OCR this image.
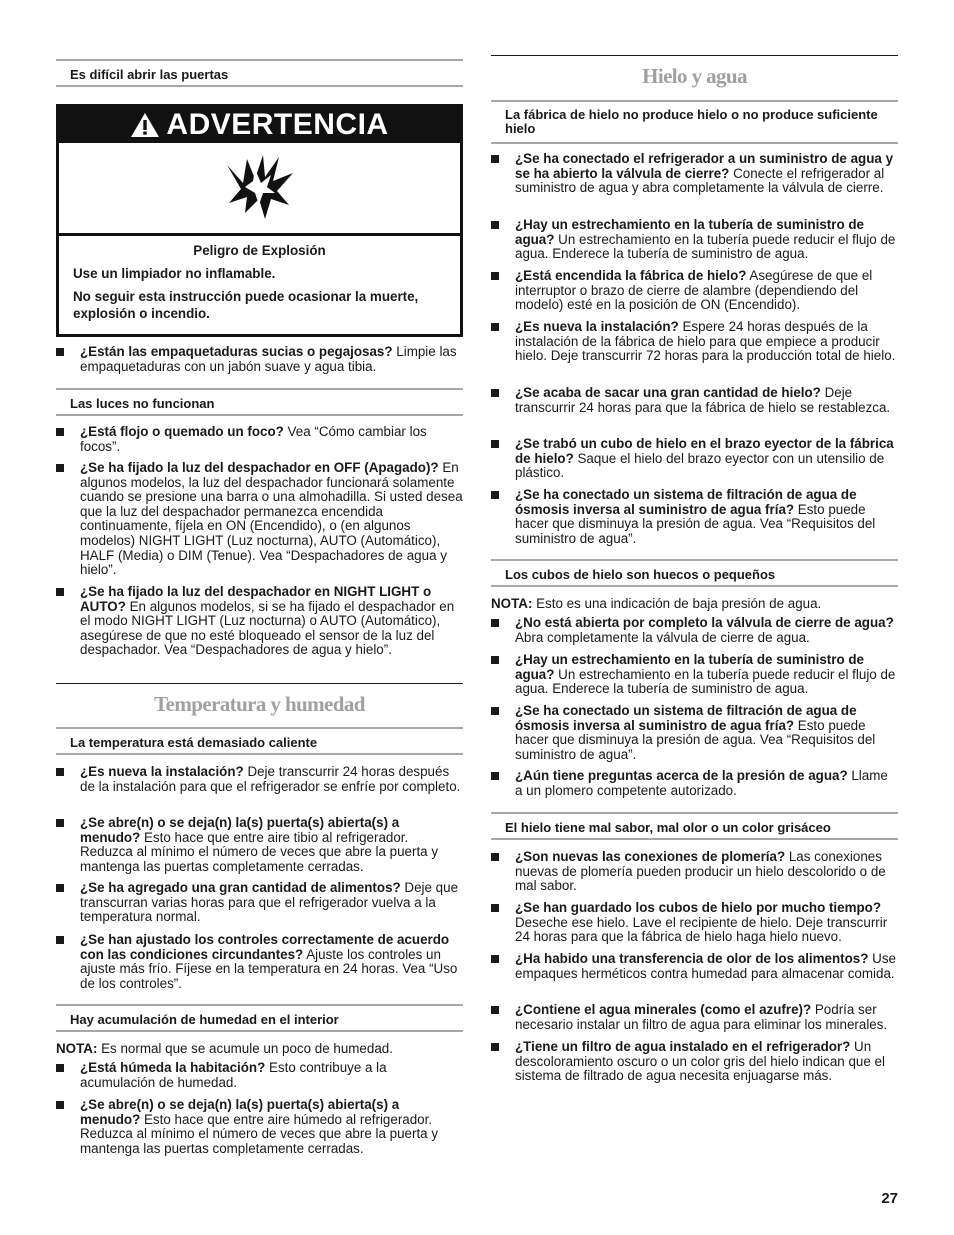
Es difícil abrir las puertas
ADVERTENCIA
Peligro de Explosión

Use un limpiador no inflamable.

No seguir esta instrucción puede ocasionar la muerte, explosión o incendio.

¿Están las empaquetaduras sucias o pegajosas? Limpie las empaquetaduras con un jabón suave y agua tibia.
Las luces no funcionan
¿Está flojo o quemado un foco? Vea “Cómo cambiar los focos”.
¿Se ha fijado la luz del despachador en OFF (Apagado)? En algunos modelos, la luz del despachador funcionará solamente cuando se presione una barra o una almohadilla. Si usted desea que la luz del despachador permanezca encendida continuamente, fíjela en ON (Encendido), o (en algunos modelos) NIGHT LIGHT (Luz nocturna), AUTO (Automático), HALF (Media) o DIM (Tenue). Vea “Despachadores de agua y hielo”.
¿Se ha fijado la luz del despachador en NIGHT LIGHT o AUTO? En algunos modelos, si se ha fijado el despachador en el modo NIGHT LIGHT (Luz nocturna) o AUTO (Automático), asegúrese de que no esté bloqueado el sensor de la luz del despachador. Vea “Despachadores de agua y hielo”.
Temperatura y humedad
La temperatura está demasiado caliente
¿Es nueva la instalación? Deje transcurrir 24 horas después de la instalación para que el refrigerador se enfríe por completo.
¿Se abre(n) o se deja(n) la(s) puerta(s) abierta(s) a menudo? Esto hace que entre aire tibio al refrigerador. Reduzca al mínimo el número de veces que abre la puerta y mantenga las puertas completamente cerradas.
¿Se ha agregado una gran cantidad de alimentos? Deje que transcurran varias horas para que el refrigerador vuelva a la temperatura normal.
¿Se han ajustado los controles correctamente de acuerdo con las condiciones circundantes? Ajuste los controles un ajuste más frío. Fíjese en la temperatura en 24 horas. Vea “Uso de los controles”.
Hay acumulación de humedad en el interior
NOTA: Es normal que se acumule un poco de humedad.
¿Está húmeda la habitación? Esto contribuye a la acumulación de humedad.
¿Se abre(n) o se deja(n) la(s) puerta(s) abierta(s) a menudo? Esto hace que entre aire húmedo al refrigerador. Reduzca al mínimo el número de veces que abre la puerta y mantenga las puertas completamente cerradas.
Hielo y agua
La fábrica de hielo no produce hielo o no produce suficiente hielo
¿Se ha conectado el refrigerador a un suministro de agua y se ha abierto la válvula de cierre? Conecte el refrigerador al suministro de agua y abra completamente la válvula de cierre.
¿Hay un estrechamiento en la tubería de suministro de agua? Un estrechamiento en la tubería puede reducir el flujo de agua. Enderece la tubería de suministro de agua.
¿Está encendida la fábrica de hielo? Asegúrese de que el interruptor o brazo de cierre de alambre (dependiendo del modelo) esté en la posición de ON (Encendido).
¿Es nueva la instalación? Espere 24 horas después de la instalación de la fábrica de hielo para que empiece a producir hielo. Deje transcurrir 72 horas para la producción total de hielo.
¿Se acaba de sacar una gran cantidad de hielo? Deje transcurrir 24 horas para que la fábrica de hielo se restablezca.
¿Se trabó un cubo de hielo en el brazo eyector de la fábrica de hielo? Saque el hielo del brazo eyector con un utensilio de plástico.
¿Se ha conectado un sistema de filtración de agua de ósmosis inversa al suministro de agua fría? Esto puede hacer que disminuya la presión de agua. Vea “Requisitos del suministro de agua”.
Los cubos de hielo son huecos o pequeños
NOTA: Esto es una indicación de baja presión de agua.
¿No está abierta por completo la válvula de cierre de agua? Abra completamente la válvula de cierre de agua.
¿Hay un estrechamiento en la tubería de suministro de agua? Un estrechamiento en la tubería puede reducir el flujo de agua. Enderece la tubería de suministro de agua.
¿Se ha conectado un sistema de filtración de agua de ósmosis inversa al suministro de agua fría? Esto puede hacer que disminuya la presión de agua. Vea “Requisitos del suministro de agua”.
¿Aún tiene preguntas acerca de la presión de agua? Llame a un plomero competente autorizado.
El hielo tiene mal sabor, mal olor o un color grisáceo
¿Son nuevas las conexiones de plomería? Las conexiones nuevas de plomería pueden producir un hielo descolorido o de mal sabor.
¿Se han guardado los cubos de hielo por mucho tiempo? Deseche ese hielo. Lave el recipiente de hielo. Deje transcurrir 24 horas para que la fábrica de hielo haga hielo nuevo.
¿Ha habido una transferencia de olor de los alimentos? Use empaques herméticos contra humedad para almacenar comida.
¿Contiene el agua minerales (como el azufre)? Podría ser necesario instalar un filtro de agua para eliminar los minerales.
¿Tiene un filtro de agua instalado en el refrigerador? Un descoloramiento oscuro o un color gris del hielo indican que el sistema de filtrado de agua necesita enjuagarse más.
27
